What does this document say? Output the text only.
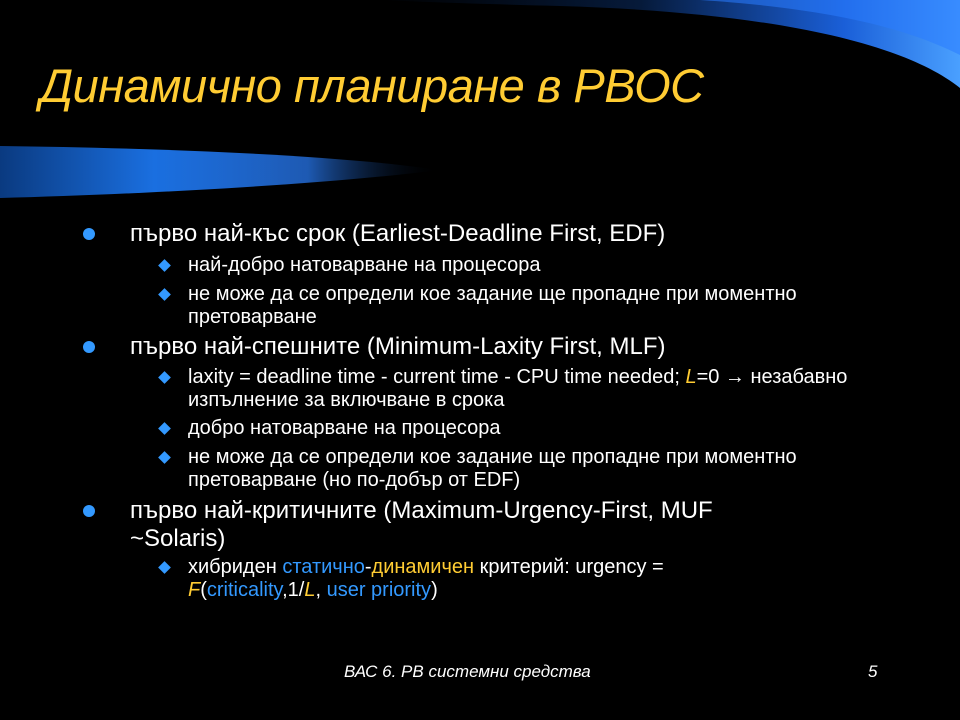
Динамично планиране в РВОС
първо най-къс срок (Earliest-Deadline First, EDF)
най-добро натоварване на процесора
не може да се определи кое задание ще пропадне при моментно претоварване
първо най-спешните (Minimum-Laxity First, MLF)
laxity = deadline time - current time - CPU time needed; L=0 → незабавно изпълнение за включване в срока
добро натоварване на процесора
не може да се определи кое задание ще пропадне при моментно претоварване (но по-добър от EDF)
първо най-критичните (Maximum-Urgency-First, MUF ~Solaris)
хибриден статично-динамичен критерий: urgency = F(criticality,1/L, user priority)
ВАС 6. РВ системни средства	5
